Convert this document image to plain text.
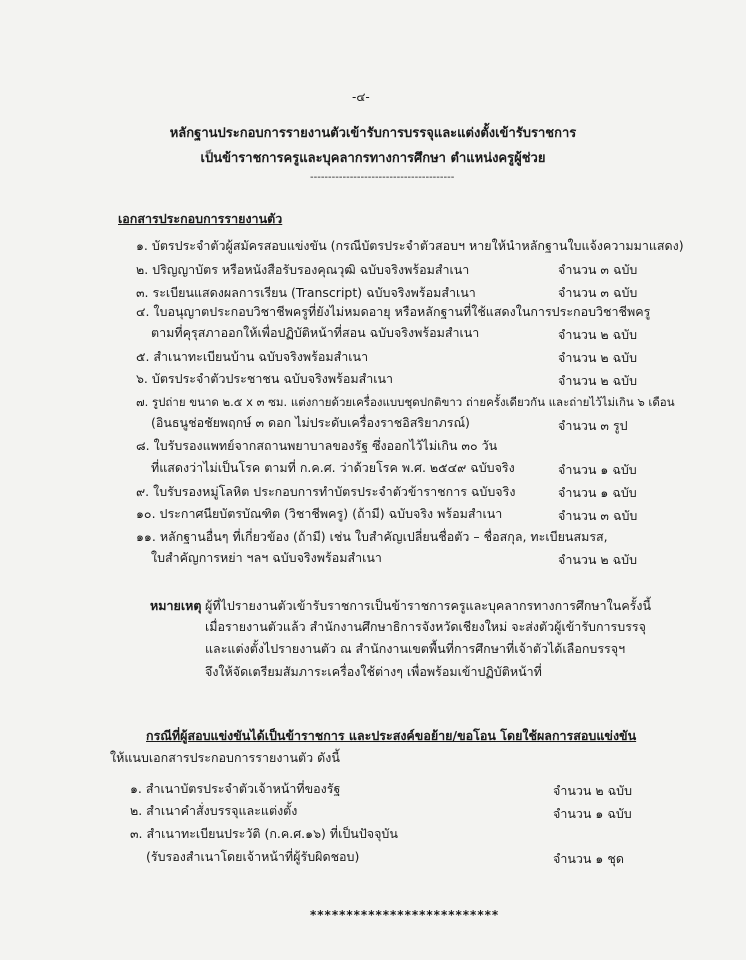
-๔-
หลักฐานประกอบการรายงานตัวเข้ารับการบรรจุและแต่งตั้งเข้ารับราชการ
เป็นข้าราชการครูและบุคลากรทางการศึกษา ตำแหน่งครูผู้ช่วย
----------------------------------------
เอกสารประกอบการรายงานตัว
๑. บัตรประจำตัวผู้สมัครสอบแข่งขัน (กรณีบัตรประจำตัวสอบฯ หายให้นำหลักฐานใบแจ้งความมาแสดง)
๒. ปริญญาบัตร หรือหนังสือรับรองคุณวุฒิ ฉบับจริงพร้อมสำเนา	จำนวน ๓ ฉบับ
๓. ระเบียนแสดงผลการเรียน (Transcript) ฉบับจริงพร้อมสำเนา	จำนวน ๓ ฉบับ
๔. ใบอนุญาตประกอบวิชาชีพครูที่ยังไม่หมดอายุ หรือหลักฐานที่ใช้แสดงในการประกอบวิชาชีพครู
ตามที่คุรุสภาออกให้เพื่อปฏิบัติหน้าที่สอน ฉบับจริงพร้อมสำเนา	จำนวน ๒ ฉบับ
๕. สำเนาทะเบียนบ้าน ฉบับจริงพร้อมสำเนา	จำนวน ๒ ฉบับ
๖. บัตรประจำตัวประชาชน ฉบับจริงพร้อมสำเนา	จำนวน ๒ ฉบับ
๗. รูปถ่าย ขนาด ๒.๕ x ๓ ซม. แต่งกายด้วยเครื่องแบบชุดปกติขาว ถ่ายครั้งเดียวกัน และถ่ายไว้ไม่เกิน ๖ เดือน
(อินธนูช่อชัยพฤกษ์ ๓ ดอก ไม่ประดับเครื่องราชอิสริยาภรณ์)	จำนวน ๓ รูป
๘. ใบรับรองแพทย์จากสถานพยาบาลของรัฐ ซึ่งออกไว้ไม่เกิน ๓๐ วัน
ที่แสดงว่าไม่เป็นโรค ตามที่ ก.ค.ศ. ว่าด้วยโรค พ.ศ. ๒๕๔๙ ฉบับจริง	จำนวน ๑ ฉบับ
๙. ใบรับรองหมู่โลหิต ประกอบการทำบัตรประจำตัวข้าราชการ ฉบับจริง	จำนวน ๑ ฉบับ
๑๐. ประกาศนียบัตรบัณฑิต (วิชาชีพครู) (ถ้ามี) ฉบับจริง พร้อมสำเนา	จำนวน ๓ ฉบับ
๑๑. หลักฐานอื่นๆ ที่เกี่ยวข้อง (ถ้ามี) เช่น ใบสำคัญเปลี่ยนชื่อตัว – ชื่อสกุล, ทะเบียนสมรส,
ใบสำคัญการหย่า ฯลฯ ฉบับจริงพร้อมสำเนา	จำนวน ๒ ฉบับ
หมายเหตุ ผู้ที่ไปรายงานตัวเข้ารับราชการเป็นข้าราชการครูและบุคลากรทางการศึกษาในครั้งนี้
เมื่อรายงานตัวแล้ว สำนักงานศึกษาธิการจังหวัดเชียงใหม่ จะส่งตัวผู้เข้ารับการบรรจุ
และแต่งตั้งไปรายงานตัว ณ สำนักงานเขตพื้นที่การศึกษาที่เจ้าตัวได้เลือกบรรจุฯ
จึงให้จัดเตรียมสัมภาระเครื่องใช้ต่างๆ เพื่อพร้อมเข้าปฏิบัติหน้าที่
กรณีที่ผู้สอบแข่งขันได้เป็นข้าราชการ และประสงค์ขอย้าย/ขอโอน โดยใช้ผลการสอบแข่งขัน
ให้แนบเอกสารประกอบการรายงานตัว ดังนี้
๑. สำเนาบัตรประจำตัวเจ้าหน้าที่ของรัฐ	จำนวน ๒ ฉบับ
๒. สำเนาคำสั่งบรรจุและแต่งตั้ง	จำนวน ๑ ฉบับ
๓. สำเนาทะเบียนประวัติ (ก.ค.ศ.๑๖) ที่เป็นปัจจุบัน
(รับรองสำเนาโดยเจ้าหน้าที่ผู้รับผิดชอบ)	จำนวน ๑ ชุด
**************************
